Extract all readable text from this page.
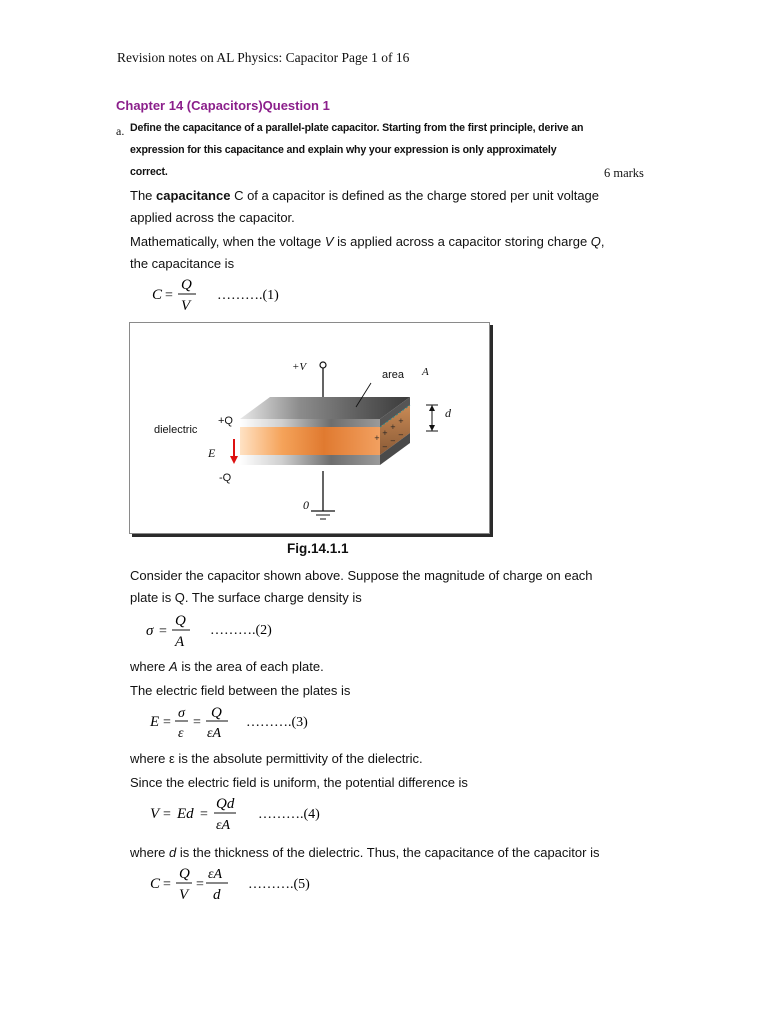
Revision notes on AL Physics: Capacitor Page 1 of 16
Chapter 14 (Capacitors)Question 1
a. Define the capacitance of a parallel-plate capacitor. Starting from the first principle, derive an
expression for this capacitance and explain why your expression is only approximately
correct.	6 marks
The capacitance C of a capacitor is defined as the charge stored per unit voltage
applied across the capacitor.
Mathematically, when the voltage V is applied across a capacitor storing charge Q,
the capacitance is
C =
Q
V
……….(1)
+
+
+
+
−
−
−
+V
area A
d
dielectric
+Q
E
-Q
0
Fig.14.1.1
Consider the capacitor shown above. Suppose the magnitude of charge on each
plate is Q. The surface charge density is
σ =
Q
A
……….(2)
where A is the area of each plate.
The electric field between the plates is
E =
σ
ε
=
Q
εA
……….(3)
where ε is the absolute permittivity of the dielectric.
Since the electric field is uniform, the potential difference is
V = Ed =
Qd
εA
……….(4)
where d is the thickness of the dielectric. Thus, the capacitance of the capacitor is
C =
Q
V
=
εA
d
……….(5)
